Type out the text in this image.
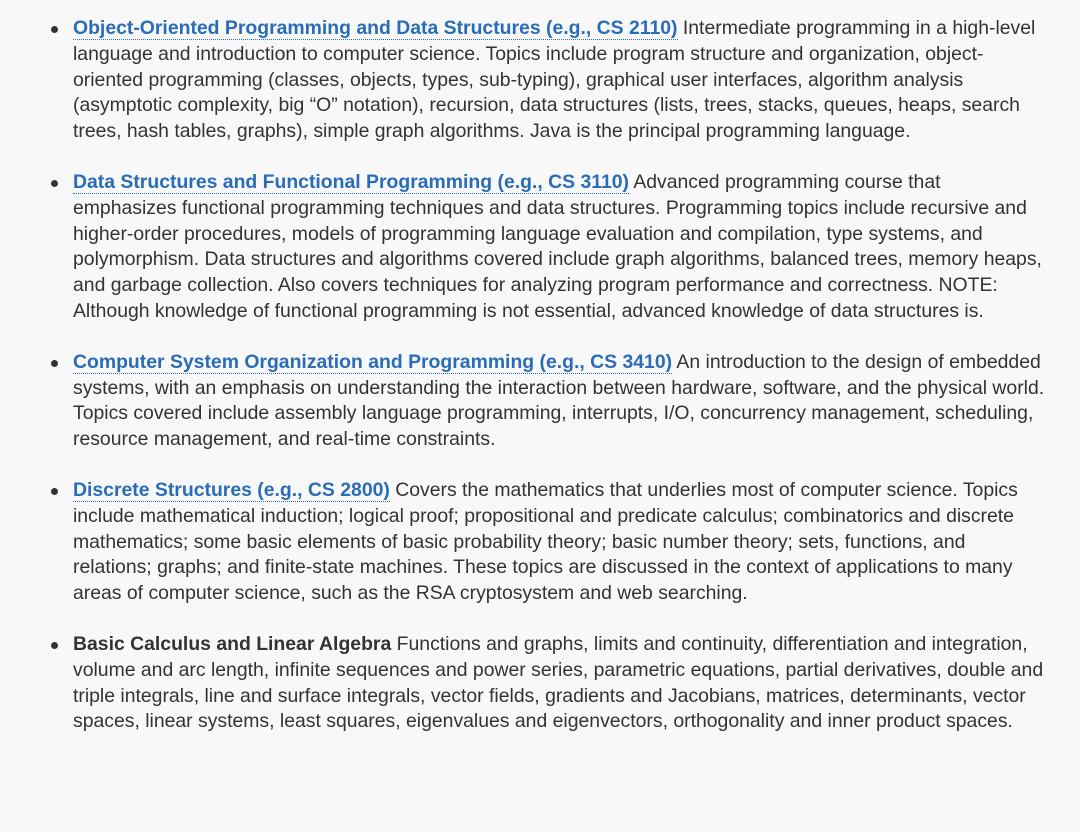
Object-Oriented Programming and Data Structures (e.g., CS 2110) Intermediate programming in a high-level language and introduction to computer science. Topics include program structure and organization, object-oriented programming (classes, objects, types, sub-typing), graphical user interfaces, algorithm analysis (asymptotic complexity, big “O” notation), recursion, data structures (lists, trees, stacks, queues, heaps, search trees, hash tables, graphs), simple graph algorithms. Java is the principal programming language.
Data Structures and Functional Programming (e.g., CS 3110) Advanced programming course that emphasizes functional programming techniques and data structures. Programming topics include recursive and higher-order procedures, models of programming language evaluation and compilation, type systems, and polymorphism. Data structures and algorithms covered include graph algorithms, balanced trees, memory heaps, and garbage collection. Also covers techniques for analyzing program performance and correctness. NOTE: Although knowledge of functional programming is not essential, advanced knowledge of data structures is.
Computer System Organization and Programming (e.g., CS 3410) An introduction to the design of embedded systems, with an emphasis on understanding the interaction between hardware, software, and the physical world. Topics covered include assembly language programming, interrupts, I/O, concurrency management, scheduling, resource management, and real-time constraints.
Discrete Structures (e.g., CS 2800) Covers the mathematics that underlies most of computer science. Topics include mathematical induction; logical proof; propositional and predicate calculus; combinatorics and discrete mathematics; some basic elements of basic probability theory; basic number theory; sets, functions, and relations; graphs; and finite-state machines. These topics are discussed in the context of applications to many areas of computer science, such as the RSA cryptosystem and web searching.
Basic Calculus and Linear Algebra Functions and graphs, limits and continuity, differentiation and integration, volume and arc length, infinite sequences and power series, parametric equations, partial derivatives, double and triple integrals, line and surface integrals, vector fields, gradients and Jacobians, matrices, determinants, vector spaces, linear systems, least squares, eigenvalues and eigenvectors, orthogonality and inner product spaces.
